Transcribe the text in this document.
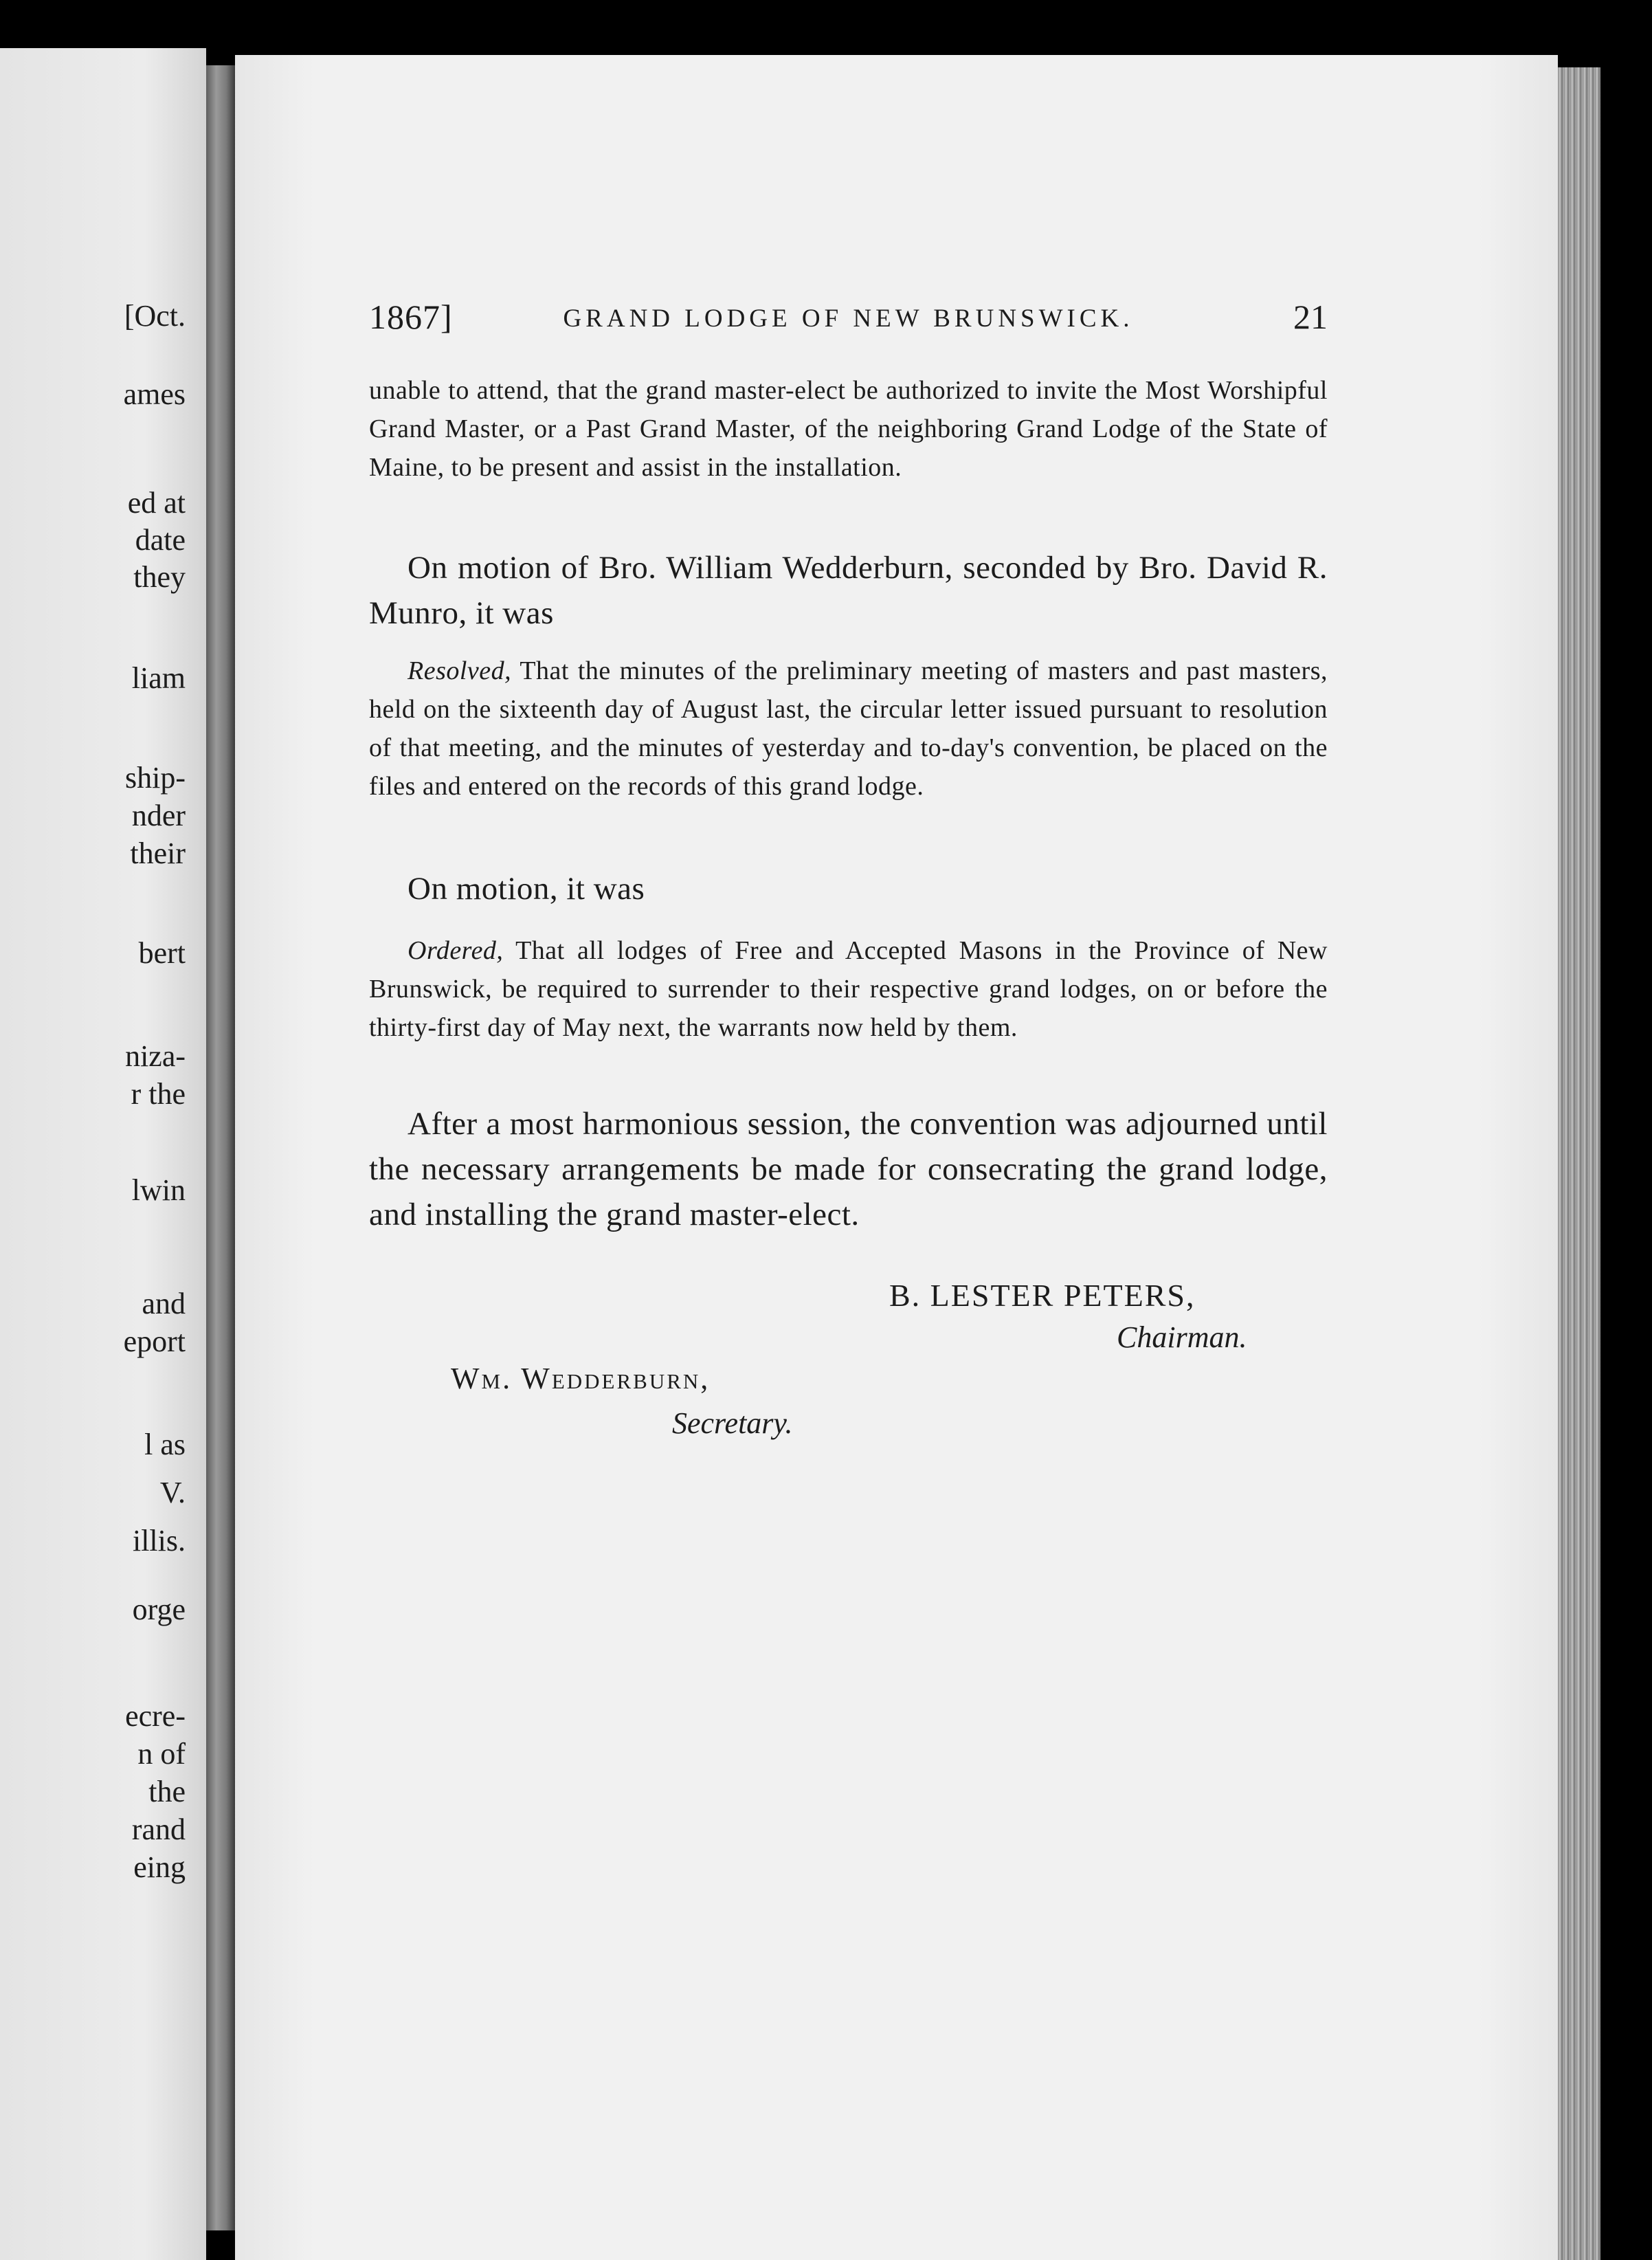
[Oct.

ames

ed at

date

they

liam

ship-

nder

their

bert

niza-

r the

lwin

and

eport

l as

V.

illis.

orge

ecre-

n of

the

rand

eing

1867]	GRAND LODGE OF NEW BRUNSWICK.	21

unable to attend, that the grand master-elect be authorized to invite the Most Worshipful Grand Master, or a Past Grand Master, of the neighboring Grand Lodge of the State of Maine, to be present and assist in the installation.

On motion of Bro. William Wedderburn, seconded by Bro. David R. Munro, it was

Resolved, That the minutes of the preliminary meeting of masters and past masters, held on the sixteenth day of August last, the circular letter issued pursuant to resolution of that meeting, and the minutes of yesterday and to-day's convention, be placed on the files and entered on the records of this grand lodge.

On motion, it was

Ordered, That all lodges of Free and Accepted Masons in the Province of New Brunswick, be required to surrender to their respective grand lodges, on or before the thirty-first day of May next, the warrants now held by them.

After a most harmonious session, the convention was adjourned until the necessary arrangements be made for consecrating the grand lodge, and installing the grand master-elect.

B. LESTER PETERS,

Chairman.

Wm. Wedderburn,

Secretary.
